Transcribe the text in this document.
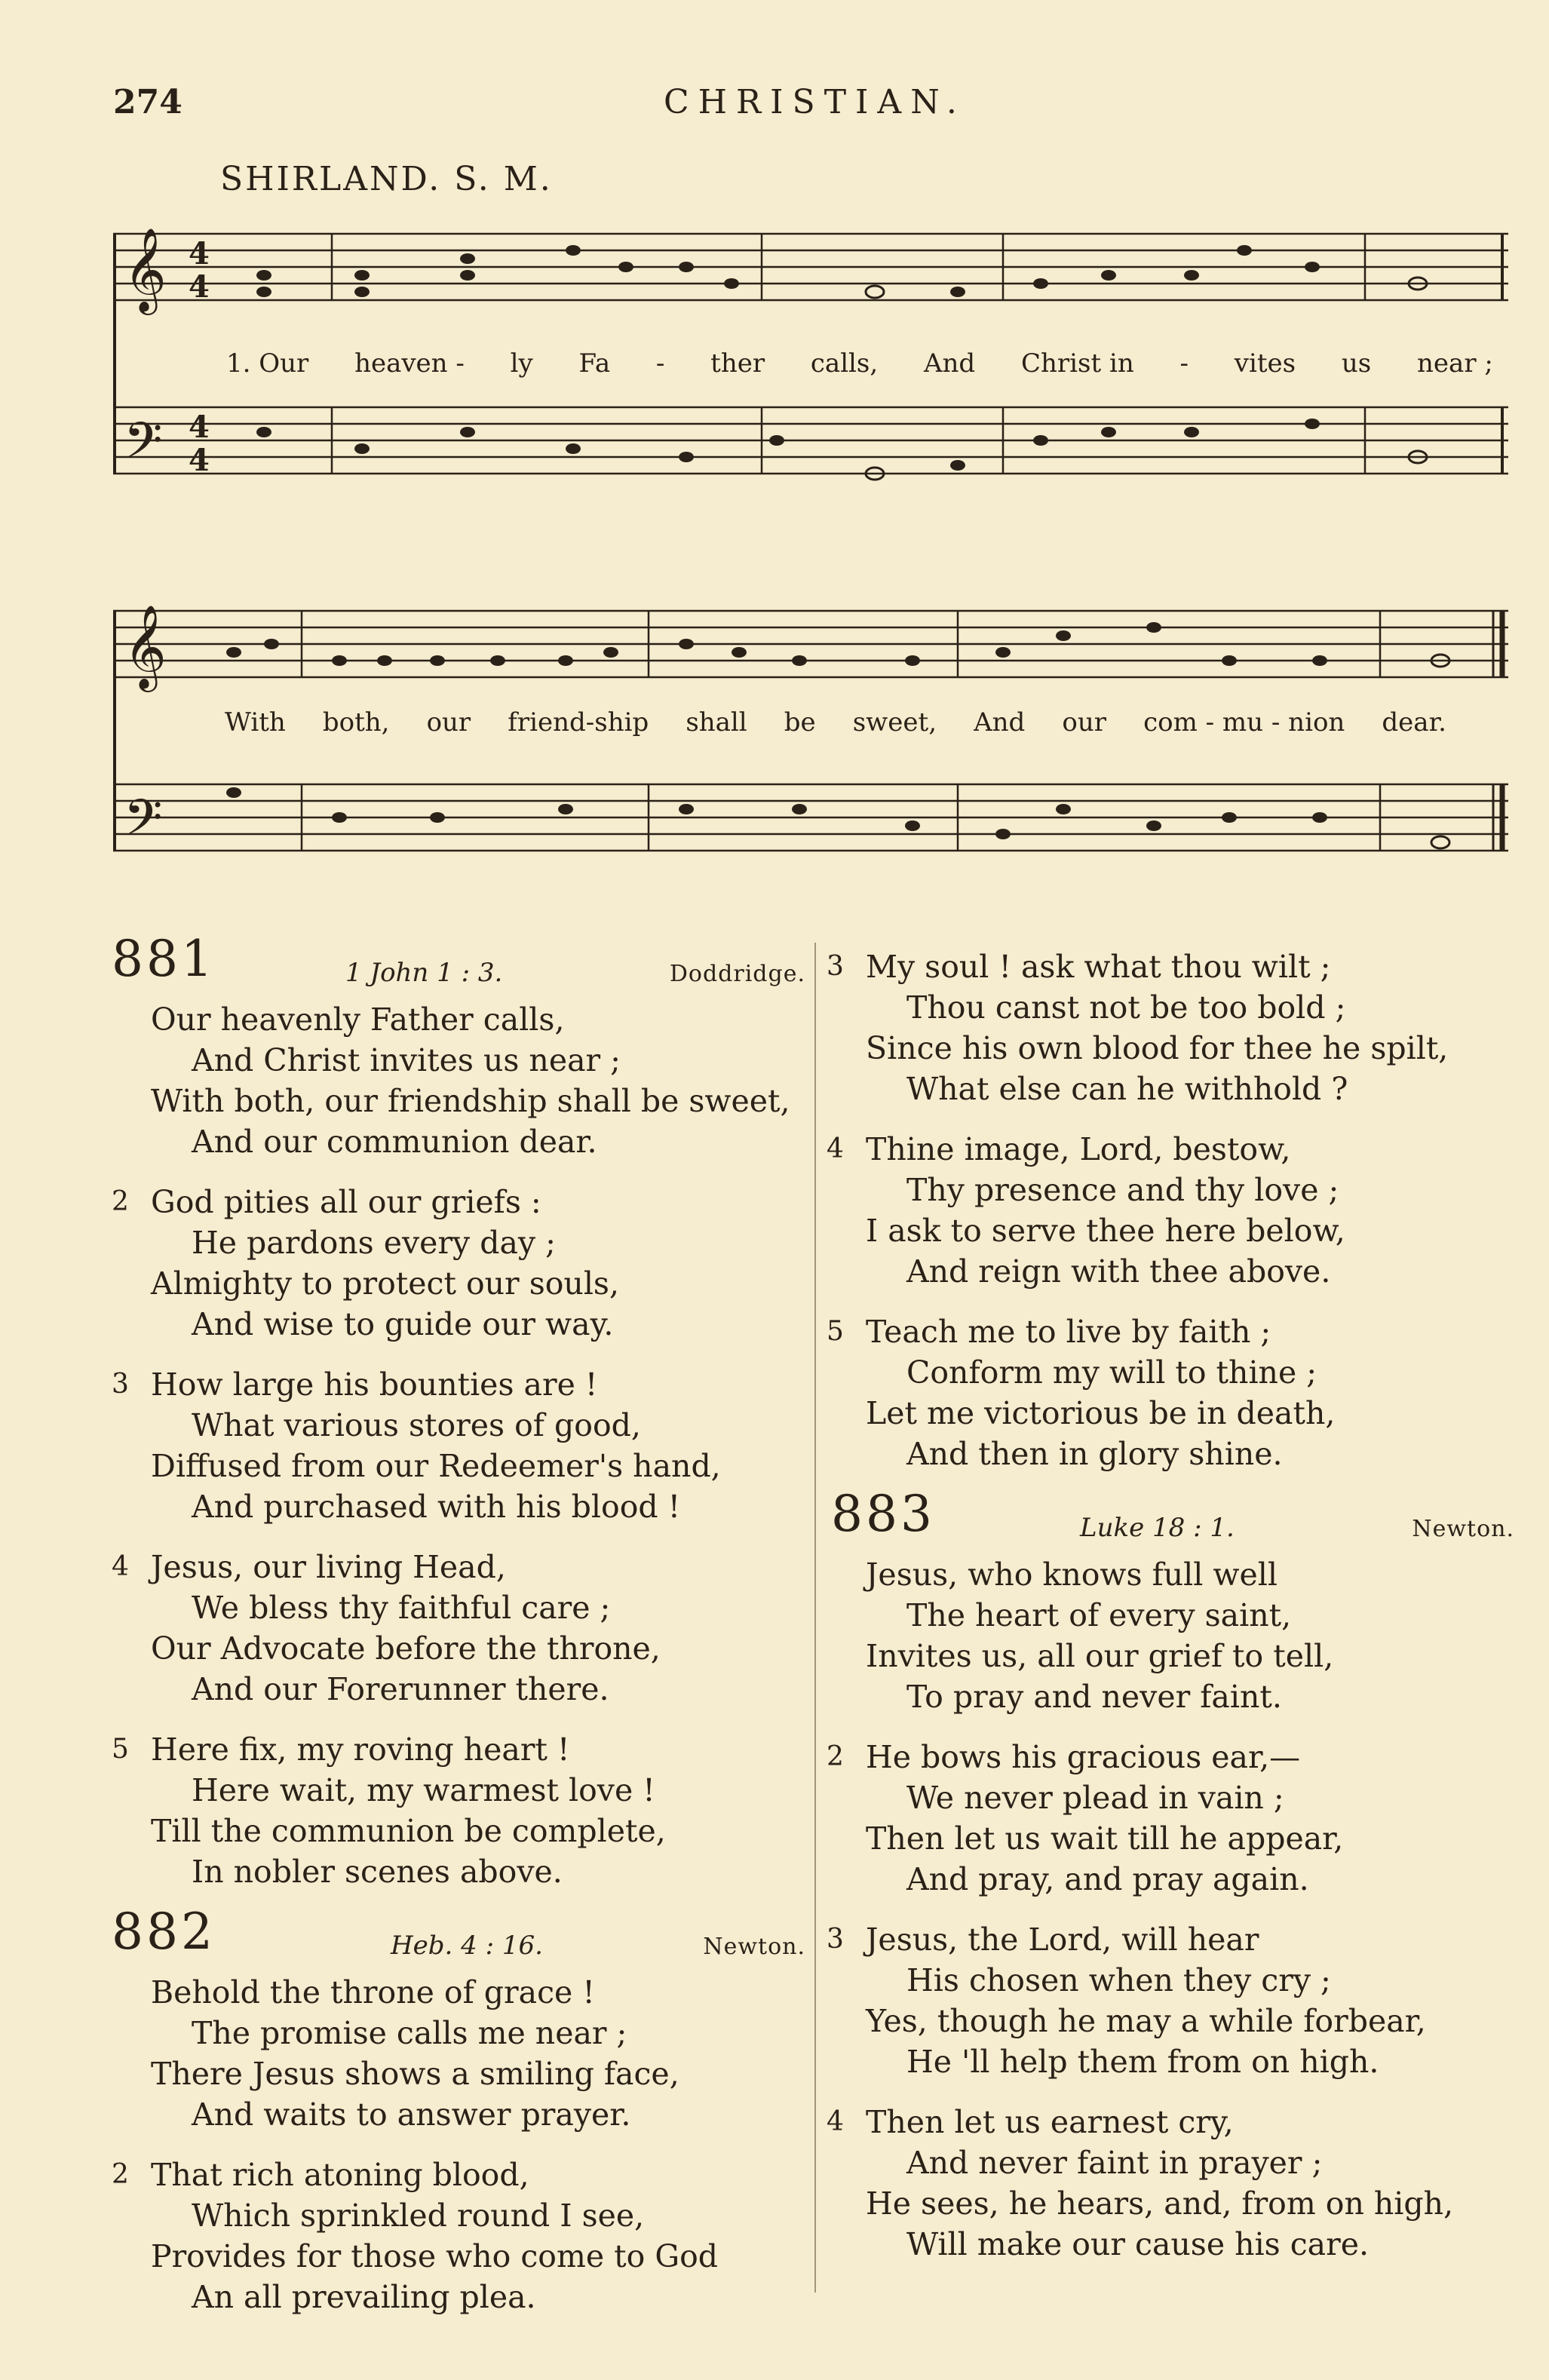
274	CHRISTIAN.
SHIRLAND. S. M.
𝄞
𝄢
4
4
4
4
1. Our heaven - ly Fa - ther calls, And Christ in - vites us near ;
𝄞
𝄢
With both, our friend-ship shall be sweet, And our com - mu - nion dear.
881	1 John 1 : 3.	Doddridge.
Our heavenly Father calls,
And Christ invites us near ;
With both, our friendship shall be sweet,
And our communion dear.
2 God pities all our griefs :
He pardons every day ;
Almighty to protect our souls,
And wise to guide our way.
3 How large his bounties are !
What various stores of good,
Diffused from our Redeemer's hand,
And purchased with his blood !
4 Jesus, our living Head,
We bless thy faithful care ;
Our Advocate before the throne,
And our Forerunner there.
5 Here fix, my roving heart !
Here wait, my warmest love !
Till the communion be complete,
In nobler scenes above.
882	Heb. 4 : 16.	Newton.
Behold the throne of grace !
The promise calls me near ;
There Jesus shows a smiling face,
And waits to answer prayer.
2 That rich atoning blood,
Which sprinkled round I see,
Provides for those who come to God
An all prevailing plea.
3 My soul ! ask what thou wilt ;
Thou canst not be too bold ;
Since his own blood for thee he spilt,
What else can he withhold ?
4 Thine image, Lord, bestow,
Thy presence and thy love ;
I ask to serve thee here below,
And reign with thee above.
5 Teach me to live by faith ;
Conform my will to thine ;
Let me victorious be in death,
And then in glory shine.
883	Luke 18 : 1.	Newton.
Jesus, who knows full well
The heart of every saint,
Invites us, all our grief to tell,
To pray and never faint.
2 He bows his gracious ear,—
We never plead in vain ;
Then let us wait till he appear,
And pray, and pray again.
3 Jesus, the Lord, will hear
His chosen when they cry ;
Yes, though he may a while forbear,
He 'll help them from on high.
4 Then let us earnest cry,
And never faint in prayer ;
He sees, he hears, and, from on high,
Will make our cause his care.
